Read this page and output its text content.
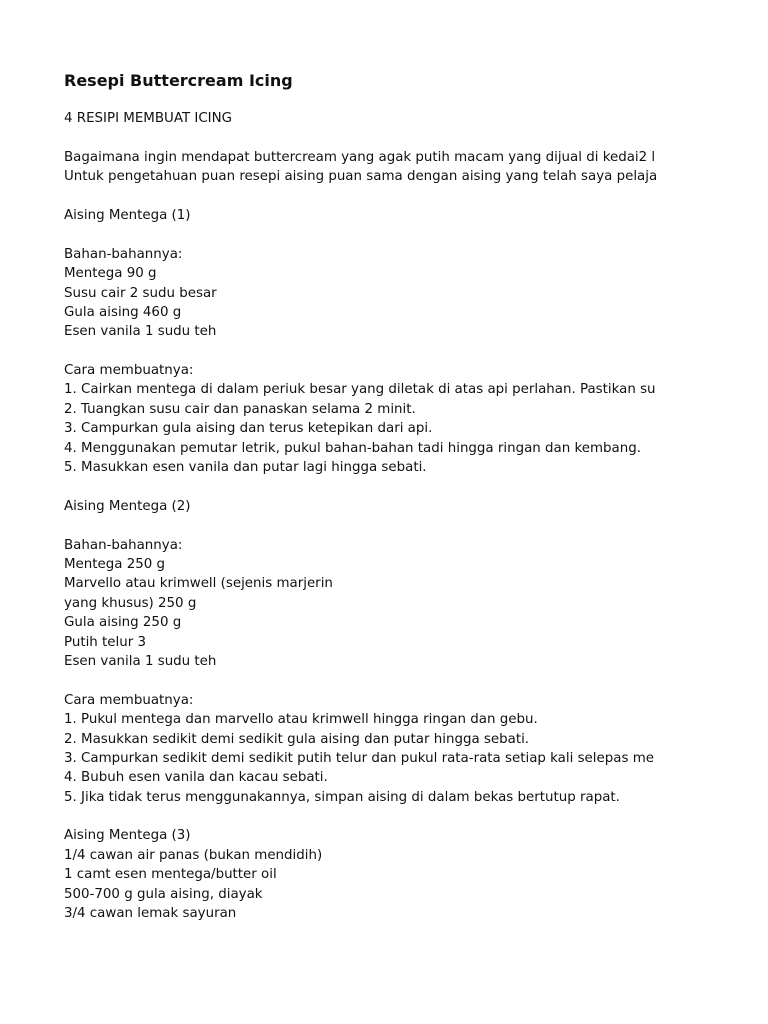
Resepi Buttercream Icing

4 RESIPI MEMBUAT ICING

Bagaimana ingin mendapat buttercream yang agak putih macam yang dijual di kedai2 l

Untuk pengetahuan puan resepi aising puan sama dengan aising yang telah saya pelaja

Aising Mentega (1)

Bahan-bahannya:

Mentega 90 g

Susu cair 2 sudu besar

Gula aising 460 g

Esen vanila 1 sudu teh

Cara membuatnya:

1. Cairkan mentega di dalam periuk besar yang diletak di atas api perlahan. Pastikan su

2. Tuangkan susu cair dan panaskan selama 2 minit.

3. Campurkan gula aising dan terus ketepikan dari api.

4. Menggunakan pemutar letrik, pukul bahan-bahan tadi hingga ringan dan kembang.

5. Masukkan esen vanila dan putar lagi hingga sebati.

Aising Mentega (2)

Bahan-bahannya:

Mentega 250 g

Marvello atau krimwell (sejenis marjerin

yang khusus) 250 g

Gula aising 250 g

Putih telur 3

Esen vanila 1 sudu teh

Cara membuatnya:

1. Pukul mentega dan marvello atau krimwell hingga ringan dan gebu.

2. Masukkan sedikit demi sedikit gula aising dan putar hingga sebati.

3. Campurkan sedikit demi sedikit putih telur dan pukul rata-rata setiap kali selepas me

4. Bubuh esen vanila dan kacau sebati.

5. Jika tidak terus menggunakannya, simpan aising di dalam bekas bertutup rapat.

Aising Mentega (3)

1/4 cawan air panas (bukan mendidih)

1 camt esen mentega/butter oil

500-700 g gula aising, diayak

3/4 cawan lemak sayuran
